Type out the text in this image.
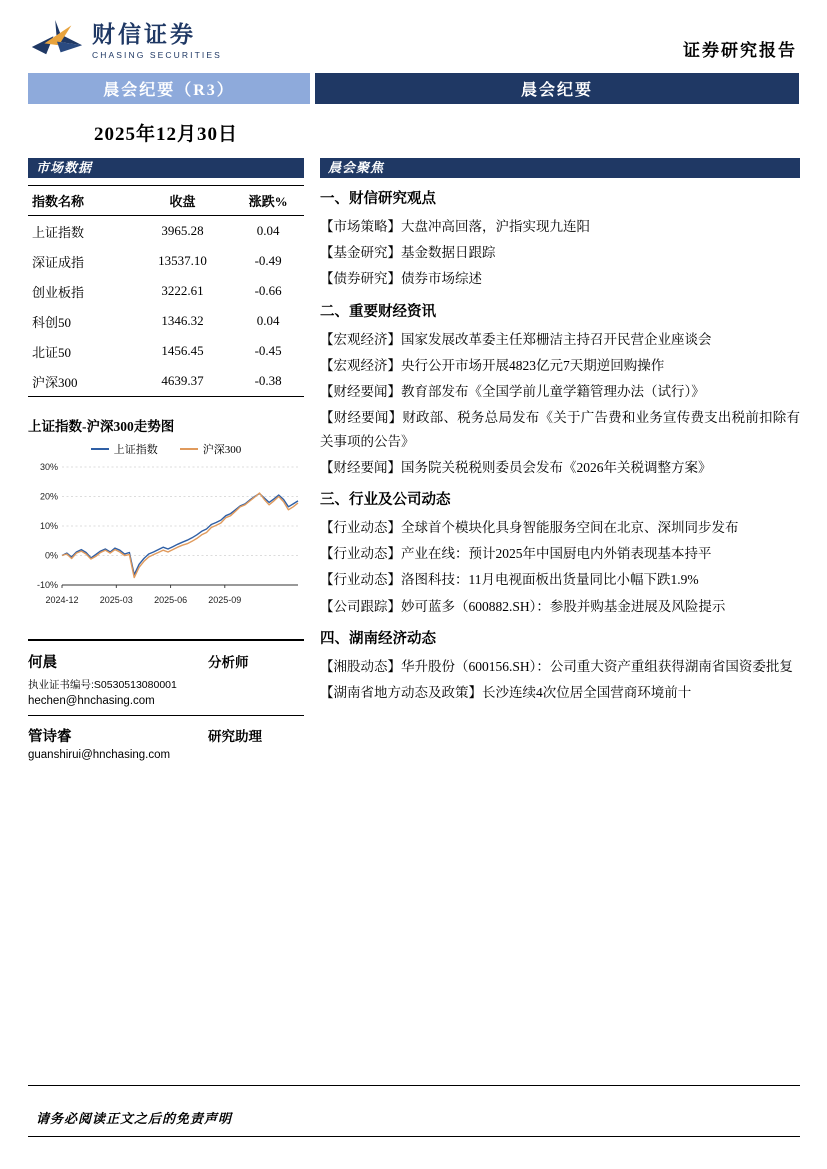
财信证券
CHASING SECURITIES	证券研究报告
晨会纪要（R3）	晨会纪要
2025年12月30日
市场数据
指数名称	收盘	涨跌%
上证指数	3965.28	0.04
深证成指	13537.10	-0.49
创业板指	3222.61	-0.66
科创50	1346.32	0.04
北证50	1456.45	-0.45
沪深300	4639.37	-0.38
上证指数-沪深300走势图
上证指数	沪深300
30%
20%
10%
0%
-10%
2024-12 2025-03 2025-06 2025-09
何晨	分析师
执业证书编号:S0530513080001
hechen@hnchasing.com
管诗睿	研究助理
guanshirui@hnchasing.com
晨会聚焦
一、财信研究观点

【市场策略】大盘冲高回落，沪指实现九连阳

【基金研究】基金数据日跟踪

【债券研究】债券市场综述

二、重要财经资讯

【宏观经济】国家发展改革委主任郑栅洁主持召开民营企业座谈会

【宏观经济】央行公开市场开展4823亿元7天期逆回购操作

【财经要闻】教育部发布《全国学前儿童学籍管理办法（试行）》

【财经要闻】财政部、税务总局发布《关于广告费和业务宣传费支出税前扣除有关事项的公告》

【财经要闻】国务院关税税则委员会发布《2026年关税调整方案》

三、行业及公司动态

【行业动态】全球首个模块化具身智能服务空间在北京、深圳同步发布

【行业动态】产业在线：预计2025年中国厨电内外销表现基本持平

【行业动态】洛图科技：11月电视面板出货量同比小幅下跌1.9%

【公司跟踪】妙可蓝多（600882.SH）：参股并购基金进展及风险提示

四、湖南经济动态

【湘股动态】华升股份（600156.SH）：公司重大资产重组获得湖南省国资委批复

【湖南省地方动态及政策】长沙连续4次位居全国营商环境前十

请务必阅读正文之后的免责声明
